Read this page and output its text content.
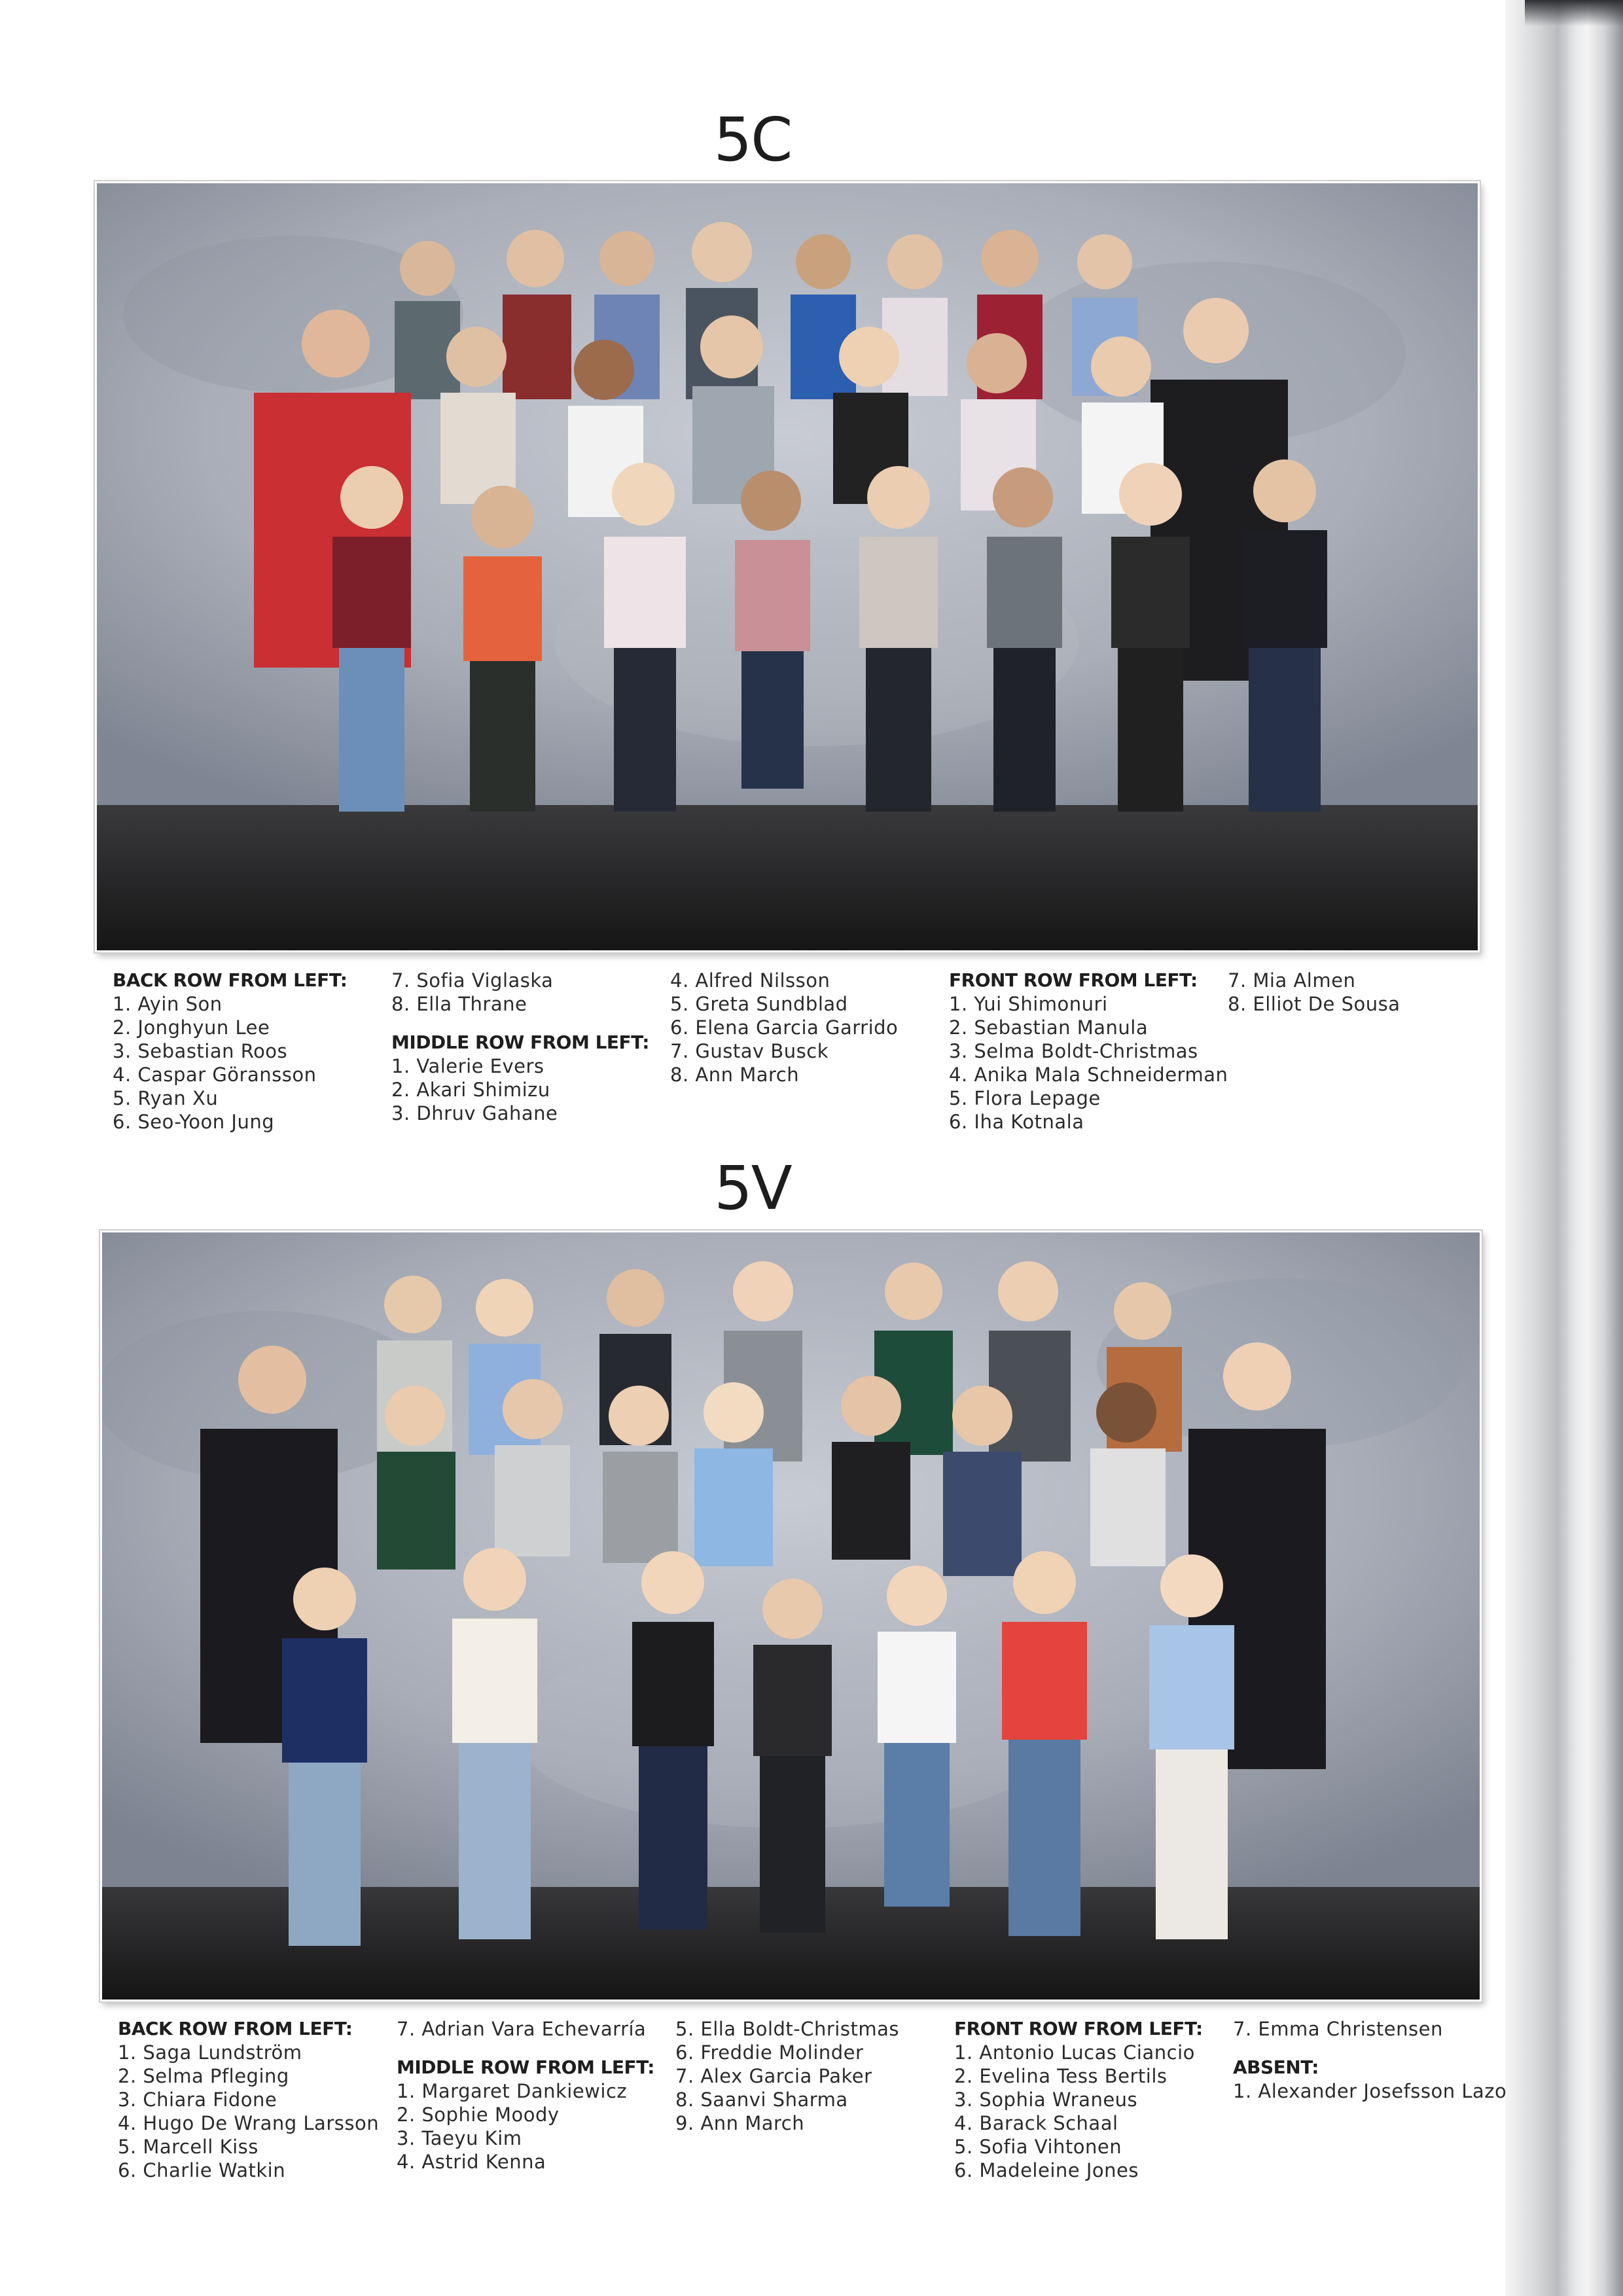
5C
BACK ROW FROM LEFT:
1. Ayin Son
2. Jonghyun Lee
3. Sebastian Roos
4. Caspar Göransson
5. Ryan Xu
6. Seo-Yoon Jung
7. Sofia Viglaska
8. Ella Thrane
MIDDLE ROW FROM LEFT:
1. Valerie Evers
2. Akari Shimizu
3. Dhruv Gahane
4. Alfred Nilsson
5. Greta Sundblad
6. Elena Garcia Garrido
7. Gustav Busck
8. Ann March
FRONT ROW FROM LEFT:
1. Yui Shimonuri
2. Sebastian Manula
3. Selma Boldt-Christmas
4. Anika Mala Schneiderman
5. Flora Lepage
6. Iha Kotnala
7. Mia Almen
8. Elliot De Sousa
5V
BACK ROW FROM LEFT:
1. Saga Lundström
2. Selma Pfleging
3. Chiara Fidone
4. Hugo De Wrang Larsson
5. Marcell Kiss
6. Charlie Watkin
7. Adrian Vara Echevarría
MIDDLE ROW FROM LEFT:
1. Margaret Dankiewicz
2. Sophie Moody
3. Taeyu Kim
4. Astrid Kenna
5. Ella Boldt-Christmas
6. Freddie Molinder
7. Alex Garcia Paker
8. Saanvi Sharma
9. Ann March
FRONT ROW FROM LEFT:
1. Antonio Lucas Ciancio
2. Evelina Tess Bertils
3. Sophia Wraneus
4. Barack Schaal
5. Sofia Vihtonen
6. Madeleine Jones
7. Emma Christensen
ABSENT:
1. Alexander Josefsson Lazo
